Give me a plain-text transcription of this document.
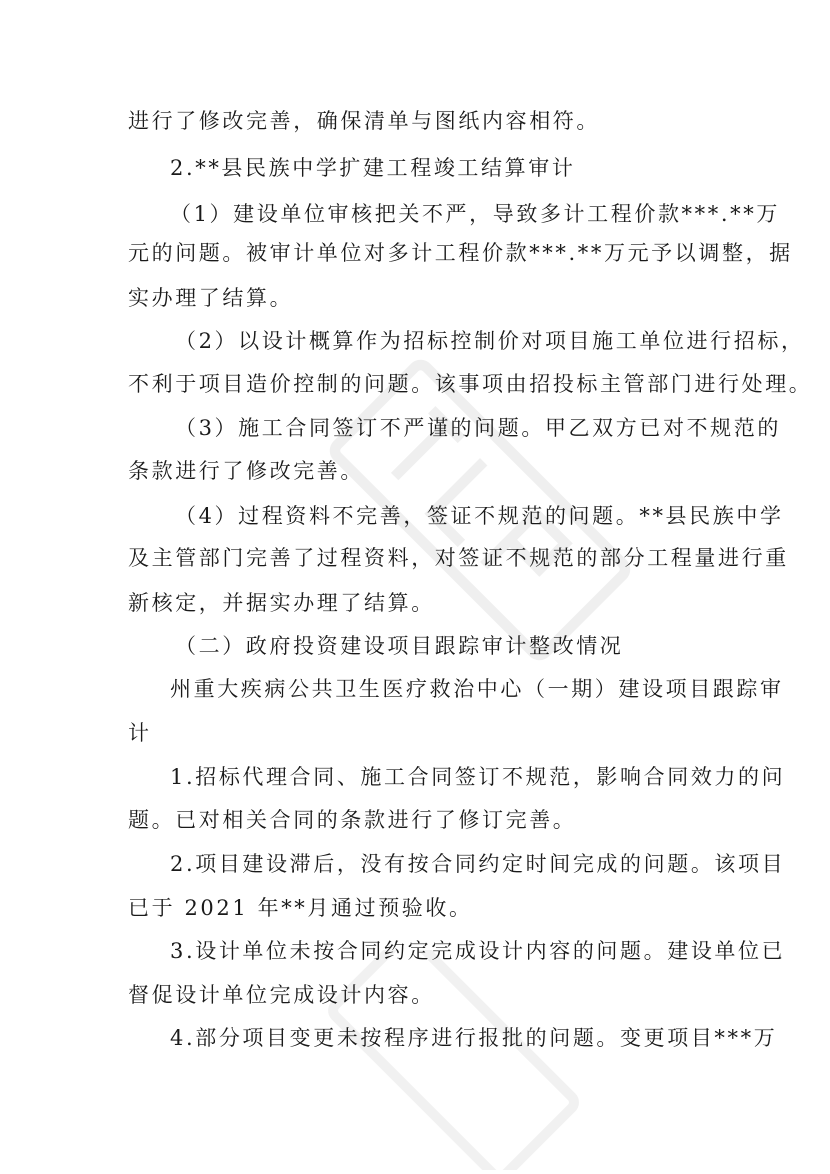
进行了修改完善，确保清单与图纸内容相符。
2.**县民族中学扩建工程竣工结算审计
（1）建设单位审核把关不严，导致多计工程价款***.**万
元的问题。被审计单位对多计工程价款***.**万元予以调整，据
实办理了结算。
（2）以设计概算作为招标控制价对项目施工单位进行招标，
不利于项目造价控制的问题。该事项由招投标主管部门进行处理。
（3）施工合同签订不严谨的问题。甲乙双方已对不规范的
条款进行了修改完善。
（4）过程资料不完善，签证不规范的问题。**县民族中学
及主管部门完善了过程资料，对签证不规范的部分工程量进行重
新核定，并据实办理了结算。
（二）政府投资建设项目跟踪审计整改情况
州重大疾病公共卫生医疗救治中心（一期）建设项目跟踪审
计
1.招标代理合同、施工合同签订不规范，影响合同效力的问
题。已对相关合同的条款进行了修订完善。
2.项目建设滞后，没有按合同约定时间完成的问题。该项目
已于 2021 年**月通过预验收。
3.设计单位未按合同约定完成设计内容的问题。建设单位已
督促设计单位完成设计内容。
4.部分项目变更未按程序进行报批的问题。变更项目***万
